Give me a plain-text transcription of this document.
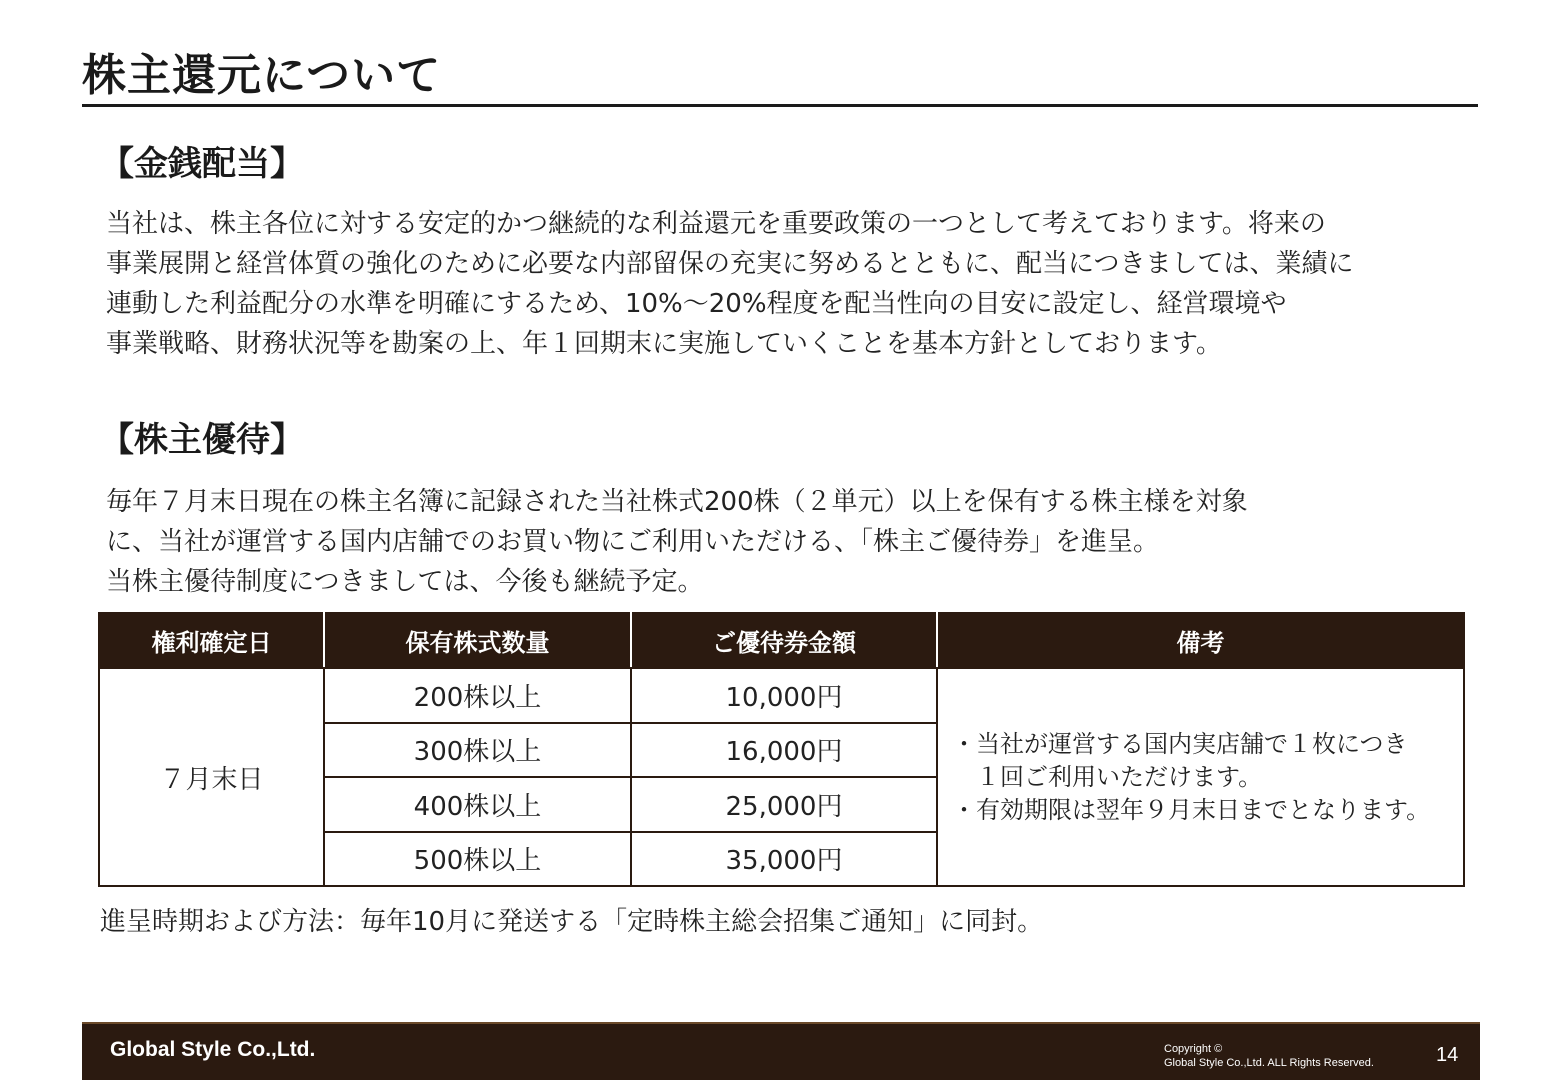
株主還元について
【金銭配当】

当社は、株主各位に対する安定的かつ継続的な利益還元を重要政策の一つとして考えております。将来の

事業展開と経営体質の強化のために必要な内部留保の充実に努めるとともに、配当につきましては、業績に

連動した利益配分の水準を明確にするため、10%～20%程度を配当性向の目安に設定し、経営環境や

事業戦略、財務状況等を勘案の上、年１回期末に実施していくことを基本方針としております。

【株主優待】

毎年７月末日現在の株主名簿に記録された当社株式200株（２単元）以上を保有する株主様を対象

に、当社が運営する国内店舗でのお買い物にご利用いただける、「株主ご優待券」を進呈。

当株主優待制度につきましては、今後も継続予定。

権利確定日	保有株式数量	ご優待券金額	備考
７月末日	200株以上	10,000円	・当社が運営する国内実店舗で１枚につき
　１回ご利用いただけます。
・有効期限は翌年９月末日までとなります。

	300株以上	16,000円	
	400株以上	25,000円	
	500株以上	35,000円	

進呈時期および方法：毎年10月に発送する「定時株主総会招集ご通知」に同封。

Global Style Co.,Ltd.	Copyright ©
Global Style Co.,Ltd. ALL Rights Reserved.	14
